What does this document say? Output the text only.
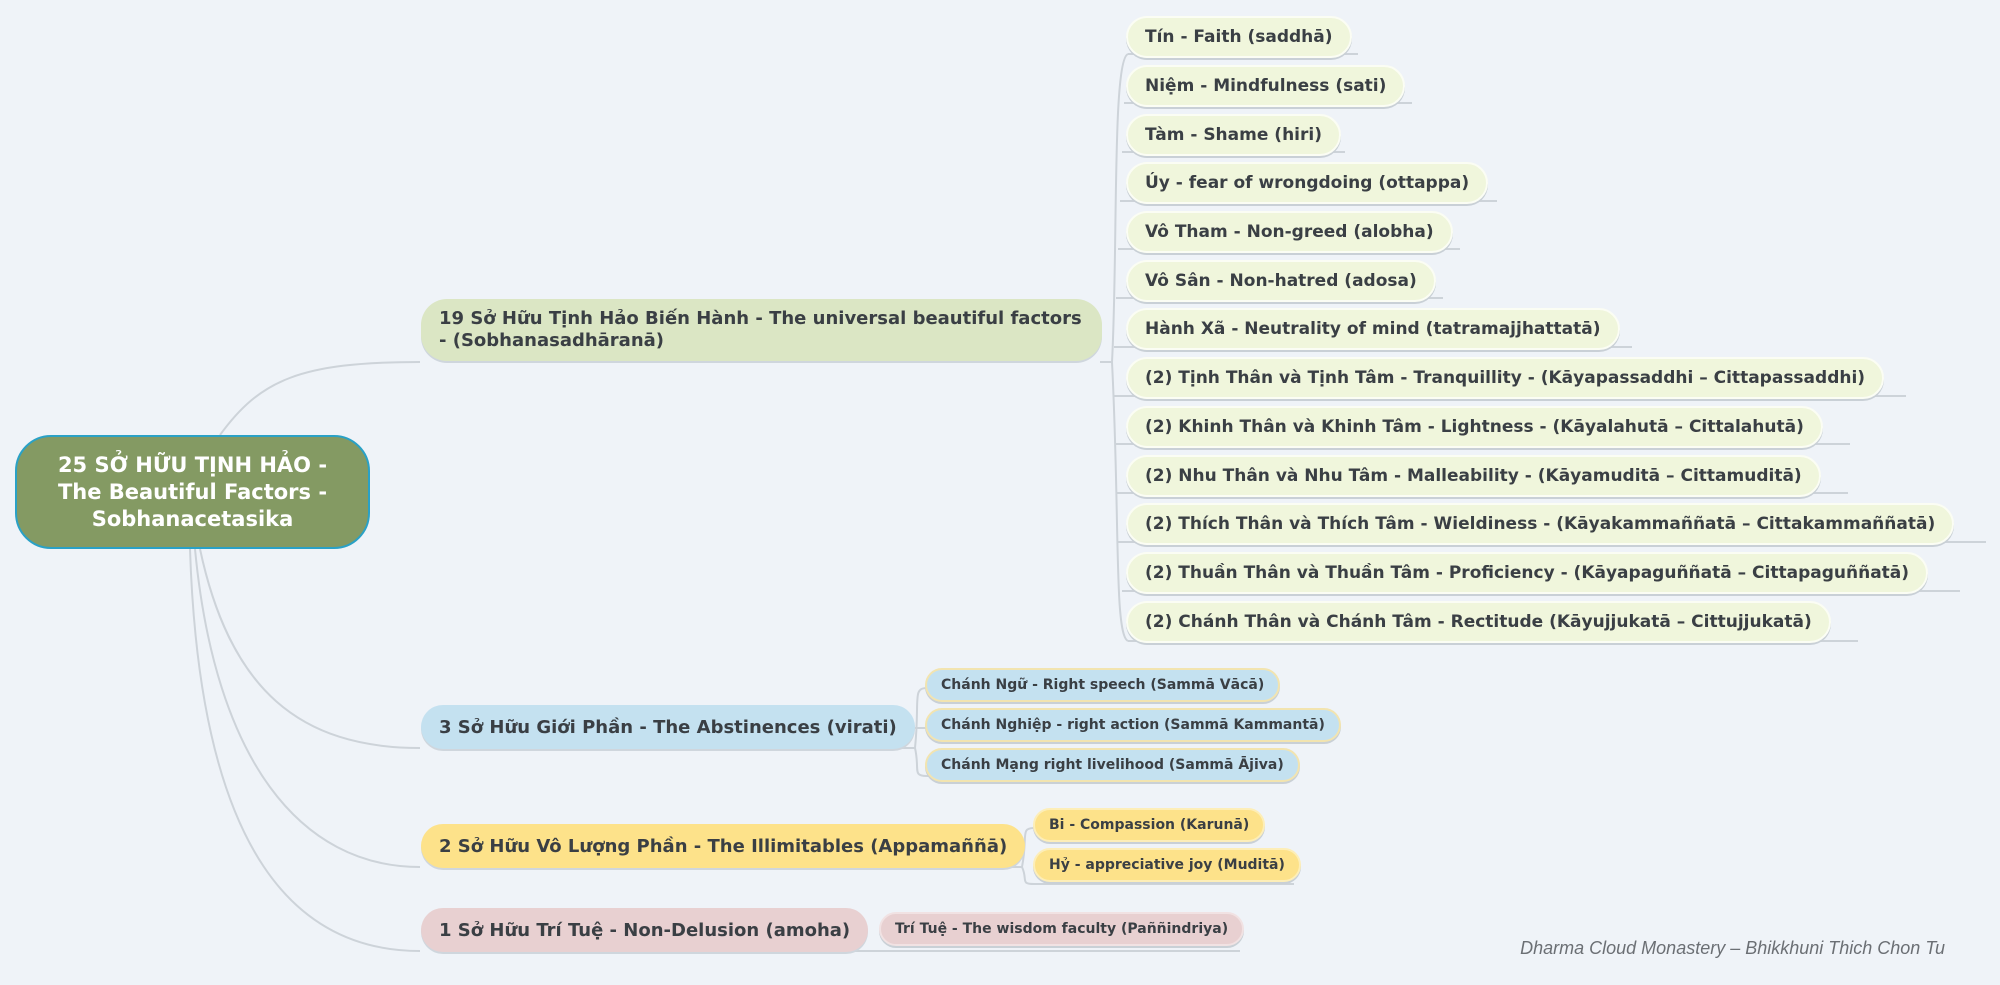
25 SỞ HỮU TỊNH HẢO - The Beautiful Factors - Sobhanacetasika
19 Sở Hữu Tịnh Hảo Biến Hành - The universal beautiful factors - (Sobhanasadhāranā)
Tín - Faith (saddhā)
Niệm - Mindfulness (sati)
Tàm - Shame (hiri)
Úy - fear of wrongdoing (ottappa)
Vô Tham - Non-greed (alobha)
Vô Sân - Non-hatred (adosa)
Hành Xã - Neutrality of mind (tatramajjhattatā)
(2) Tịnh Thân và Tịnh Tâm - Tranquillity - (Kāyapassaddhi – Cittapassaddhi)
(2) Khinh Thân và Khinh Tâm - Lightness - (Kāyalahutā – Cittalahutā)
(2) Nhu Thân và Nhu Tâm - Malleability - (Kāyamuditā – Cittamuditā)
(2) Thích Thân và Thích Tâm - Wieldiness - (Kāyakammaññatā – Cittakammaññatā)
(2) Thuần Thân và Thuần Tâm - Proficiency - (Kāyapaguññatā – Cittapaguññatā)
(2) Chánh Thân và Chánh Tâm - Rectitude (Kāyujjukatā – Cittujjukatā)
3 Sở Hữu Giới Phần - The Abstinences (virati)
Chánh Ngữ - Right speech (Sammā Vācā)
Chánh Nghiệp - right action (Sammā Kammantā)
Chánh Mạng right livelihood (Sammā Ājiva)
2 Sở Hữu Vô Lượng Phần - The Illimitables (Appamaññā)
Bi - Compassion (Karunā)
Hỷ - appreciative joy (Muditā)
1 Sở Hữu Trí Tuệ - Non-Delusion (amoha)	Trí Tuệ - The wisdom faculty (Paññindriya)
Dharma Cloud Monastery – Bhikkhuni Thich Chon Tu
